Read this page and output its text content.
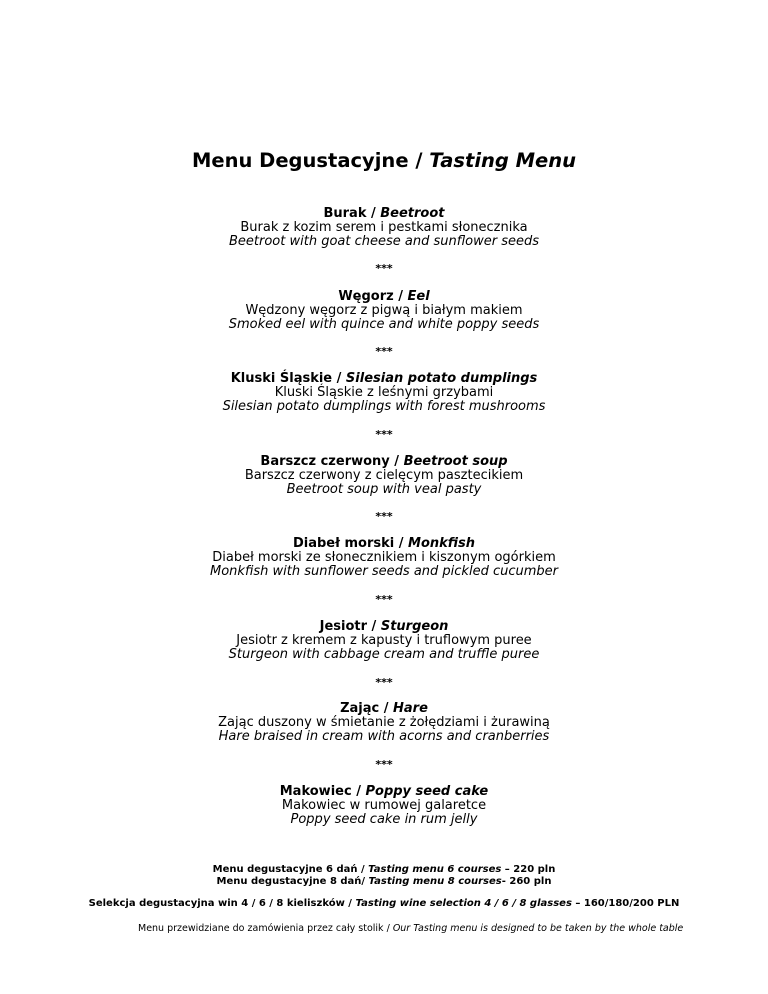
Menu Degustacyjne / Tasting Menu
Burak / Beetroot
Burak z kozim serem i pestkami słonecznika
Beetroot with goat cheese and sunflower seeds
***
Węgorz / Eel
Wędzony węgorz z pigwą i białym makiem
Smoked eel with quince and white poppy seeds
***
Kluski Śląskie / Silesian potato dumplings
Kluski Śląskie z leśnymi grzybami
Silesian potato dumplings with forest mushrooms
***
Barszcz czerwony / Beetroot soup
Barszcz czerwony z cielęcym pasztecikiem
Beetroot soup with veal pasty
***
Diabeł morski / Monkfish
Diabeł morski ze słonecznikiem i kiszonym ogórkiem
Monkfish with sunflower seeds and pickled cucumber
***
Jesiotr / Sturgeon
Jesiotr z kremem z kapusty i truflowym puree
Sturgeon with cabbage cream and truffle puree
***
Zając / Hare
Zając duszony w śmietanie z żołędziami i żurawiną
Hare braised in cream with acorns and cranberries
***
Makowiec / Poppy seed cake
Makowiec w rumowej galaretce
Poppy seed cake in rum jelly
Menu degustacyjne 6 dań / Tasting menu 6 courses – 220 pln
Menu degustacyjne 8 dań/ Tasting menu 8 courses- 260 pln
Selekcja degustacyjna win 4 / 6 / 8 kieliszków / Tasting wine selection 4 / 6 / 8 glasses – 160/180/200 PLN
Menu przewidziane do zamówienia przez cały stolik / Our Tasting menu is designed to be taken by the whole table
